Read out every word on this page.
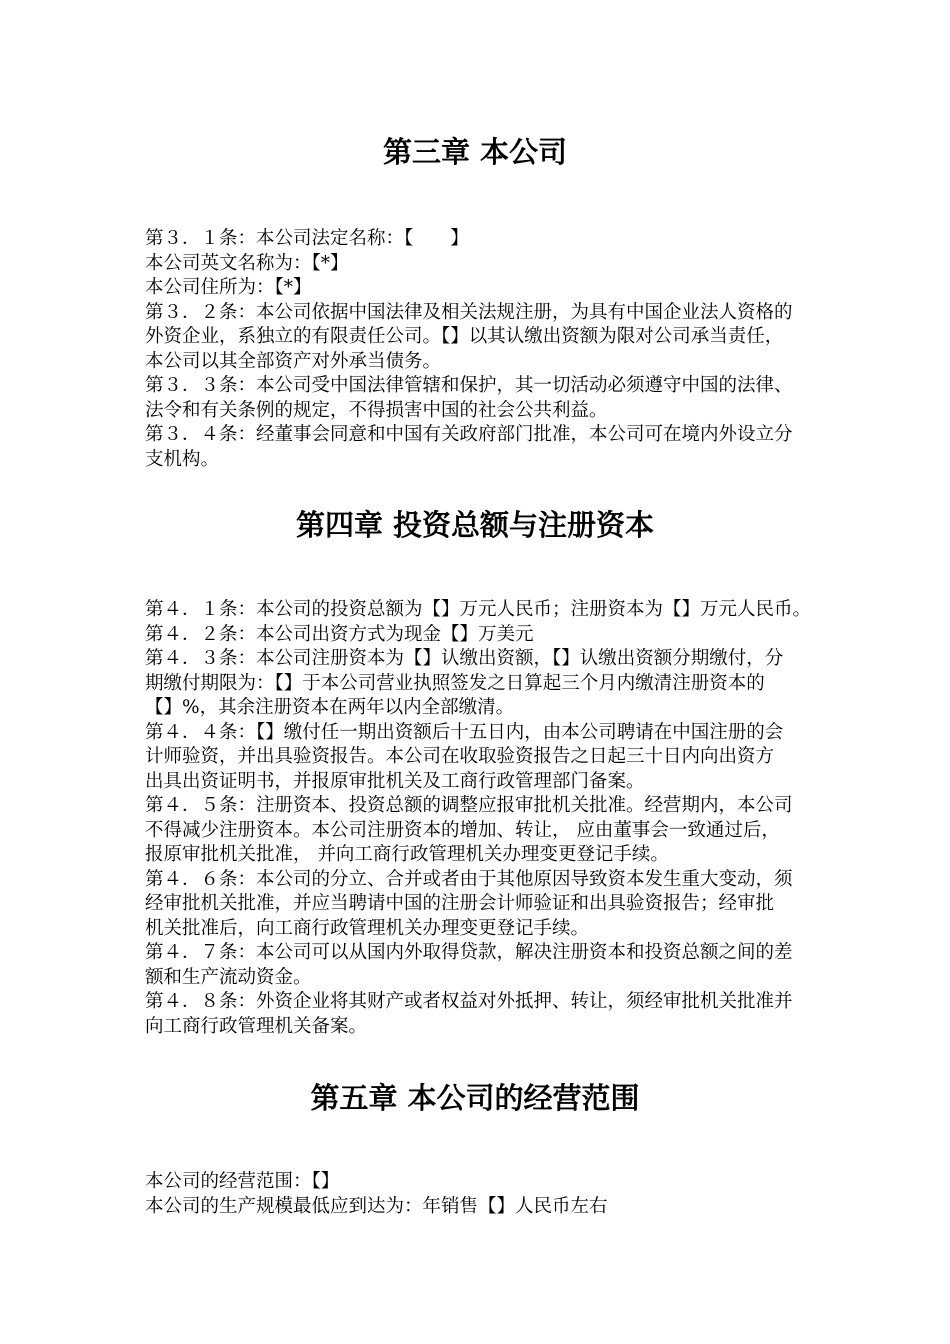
第三章 本公司
第３．１条：本公司法定名称：【　　】
本公司英文名称为：【*】
本公司住所为：【*】
第３．２条：本公司依据中国法律及相关法规注册，为具有中国企业法人资格的
外资企业，系独立的有限责任公司。【】以其认缴出资额为限对公司承当责任，
本公司以其全部资产对外承当债务。
第３．３条：本公司受中国法律管辖和保护，其一切活动必须遵守中国的法律、
法令和有关条例的规定，不得损害中国的社会公共利益。
第３．４条：经董事会同意和中国有关政府部门批准，本公司可在境内外设立分
支机构。
第四章 投资总额与注册资本
第４．１条：本公司的投资总额为【】万元人民币；注册资本为【】万元人民币。
第４．２条：本公司出资方式为现金【】万美元
第４．３条：本公司注册资本为【】认缴出资额，【】认缴出资额分期缴付，分
期缴付期限为：【】于本公司营业执照签发之日算起三个月内缴清注册资本的
【】%，其余注册资本在两年以内全部缴清。
第４．４条：【】缴付任一期出资额后十五日内，由本公司聘请在中国注册的会
计师验资，并出具验资报告。本公司在收取验资报告之日起三十日内向出资方
出具出资证明书，并报原审批机关及工商行政管理部门备案。
第４．５条：注册资本、投资总额的调整应报审批机关批准。经营期内，本公司
不得减少注册资本。本公司注册资本的增加、转让， 应由董事会一致通过后，
报原审批机关批准， 并向工商行政管理机关办理变更登记手续。
第４．６条：本公司的分立、合并或者由于其他原因导致资本发生重大变动，须
经审批机关批准，并应当聘请中国的注册会计师验证和出具验资报告；经审批
机关批准后，向工商行政管理机关办理变更登记手续。
第４．７条：本公司可以从国内外取得贷款，解决注册资本和投资总额之间的差
额和生产流动资金。
第４．８条：外资企业将其财产或者权益对外抵押、转让，须经审批机关批准并
向工商行政管理机关备案。
第五章 本公司的经营范围
本公司的经营范围：【】
本公司的生产规模最低应到达为：年销售【】人民币左右
